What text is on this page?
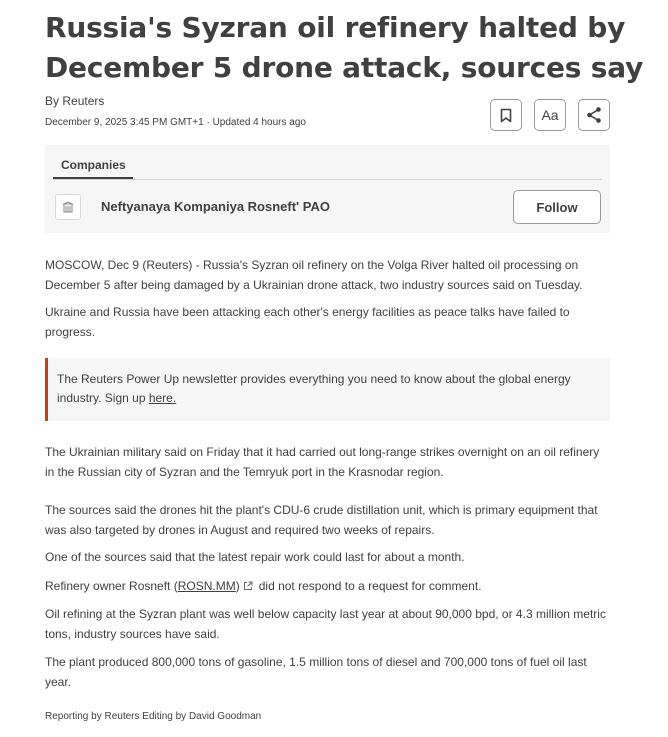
Russia's Syzran oil refinery halted by December 5 drone attack, sources say
By Reuters
December 9, 2025 3:45 PM GMT+1 · Updated 4 hours ago	Aa
Companies
Neftyanaya Kompaniya Rosneft' PAO	Follow

MOSCOW, Dec 9 (Reuters) - Russia's Syzran oil refinery on the Volga River halted oil processing on December 5 after being damaged by a Ukrainian drone attack, two industry sources said on Tuesday.

Ukraine and Russia have been attacking each other's energy facilities as peace talks have failed to progress.

The Reuters Power Up newsletter provides everything you need to know about the global energy industry. Sign up here.

The Ukrainian military said on Friday that it had carried out long-range strikes overnight on an oil refinery in the Russian city of Syzran and the Temryuk port in the Krasnodar region.

The sources said the drones hit the plant's CDU-6 crude distillation unit, which is primary equipment that was also targeted by drones in August and required two weeks of repairs.

One of the sources said that the latest repair work could last for about a month.

Refinery owner Rosneft (ROSN.MM) did not respond to a request for comment.

Oil refining at the Syzran plant was well below capacity last year at about 90,000 bpd, or 4.3 million metric tons, industry sources have said.

The plant produced 800,000 tons of gasoline, 1.5 million tons of diesel and 700,000 tons of fuel oil last year.

Reporting by Reuters Editing by David Goodman
